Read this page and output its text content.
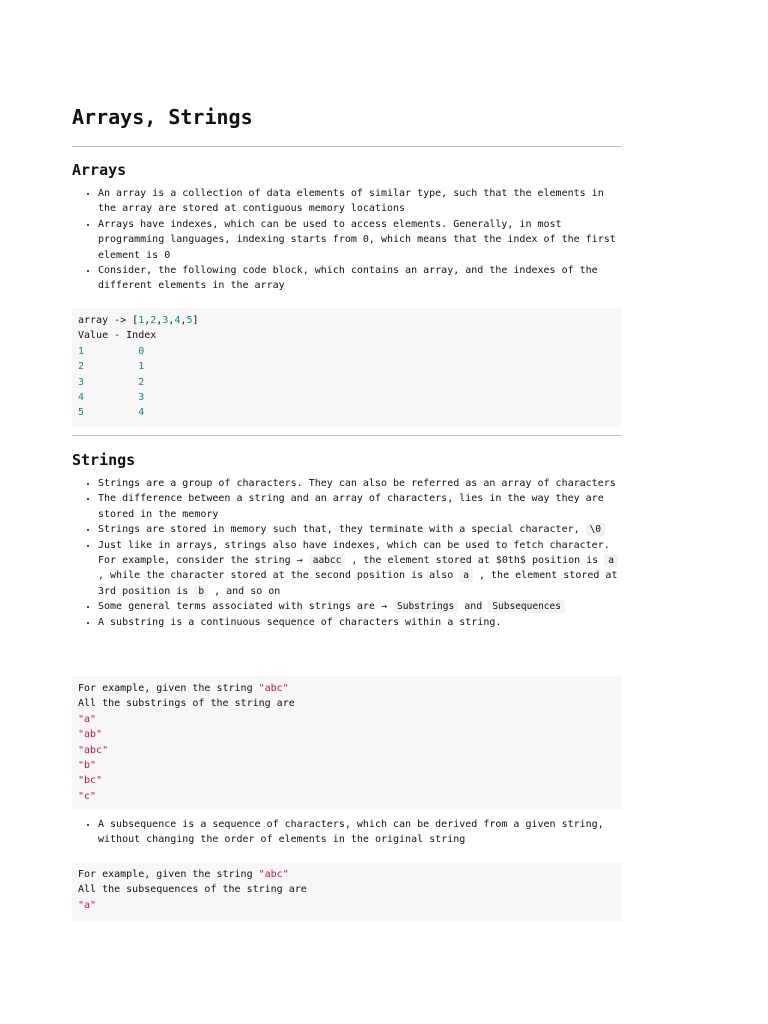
Arrays, Strings
Arrays
• An array is a collection of data elements of similar type, such that the elements in the array are stored at contiguous memory locations
• Arrays have indexes, which can be used to access elements. Generally, in most programming languages, indexing starts from 0, which means that the index of the first element is 0
• Consider, the following code block, which contains an array, and the indexes of the different elements in the array
array -> [1,2,3,4,5]
Value - Index
1	0
2	1
3	2
4	3
5	4
Strings
• Strings are a group of characters. They can also be referred as an array of characters
• The difference between a string and an array of characters, lies in the way they are stored in the memory
• Strings are stored in memory such that, they terminate with a special character, \0
• Just like in arrays, strings also have indexes, which can be used to fetch character. For example, consider the string → aabcc , the element stored at $0th$ position is a , while the character stored at the second position is also a , the element stored at 3rd position is b , and so on
• Some general terms associated with strings are → Substrings and Subsequences
• A substring is a continuous sequence of characters within a string.
For example, given the string "abc"
All the substrings of the string are
"a"
"ab"
"abc"
"b"
"bc"
"c"
• A subsequence is a sequence of characters, which can be derived from a given string, without changing the order of elements in the original string
For example, given the string "abc"
All the subsequences of the string are
"a"
